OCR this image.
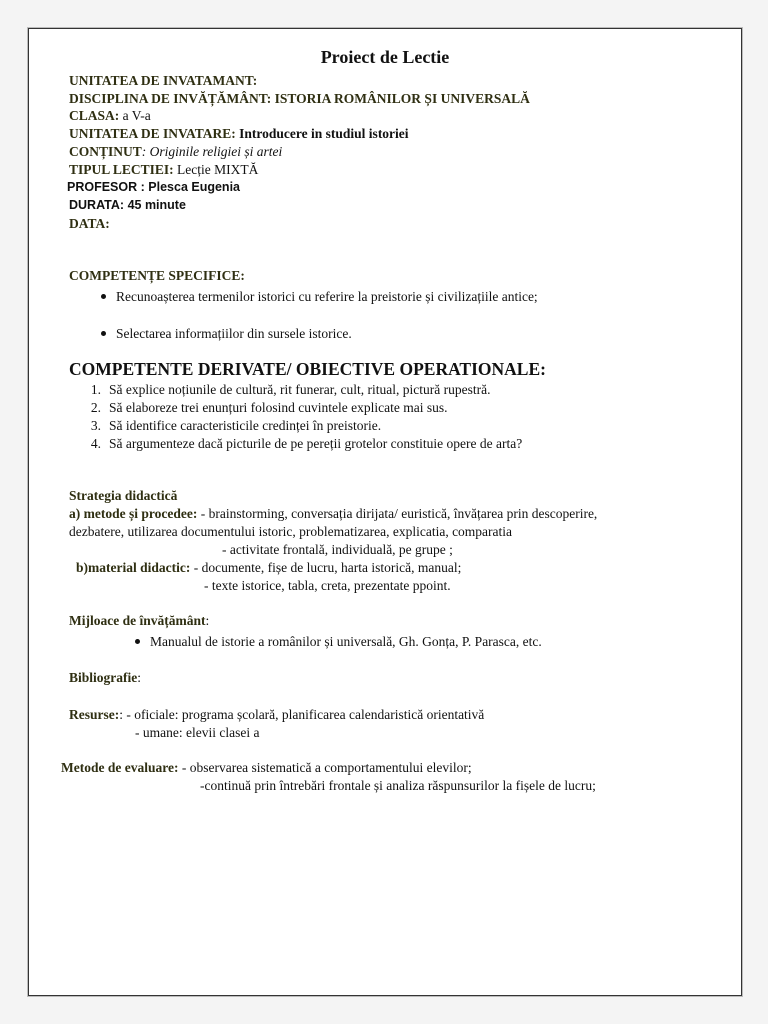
Proiect de Lectie
UNITATEA DE INVATAMANT:
DISCIPLINA DE INVĂȚĂMÂNT: ISTORIA ROMÂNILOR ȘI UNIVERSALĂ
CLASA: a V-a
UNITATEA DE INVATARE: Introducere in studiul istoriei
CONȚINUT: Originile religiei și artei
TIPUL LECTIEI: Lecție MIXTĂ
PROFESOR : Plesca Eugenia
DURATA: 45 minute
DATA:
COMPETENȚE SPECIFICE:
Recunoașterea termenilor istorici cu referire la preistorie și civilizațiile antice;
Selectarea informațiilor din sursele istorice.
COMPETENTE DERIVATE/ OBIECTIVE OPERATIONALE:
1. Să explice noțiunile de cultură, rit funerar, cult, ritual, pictură rupestră.
2. Să elaboreze trei enunțuri folosind cuvintele explicate mai sus.
3. Să identifice caracteristicile credinței în preistorie.
4. Să argumenteze dacă picturile de pe pereții grotelor constituie opere de arta?
Strategia didactică
a) metode și procedee: - brainstorming, conversația dirijata/ euristică, învățarea prin descoperire,
dezbatere, utilizarea documentului istoric, problematizarea, explicatia, comparatia
- activitate frontală, individuală, pe grupe ;
b)material didactic: - documente, fișe de lucru, harta istorică, manual;
- texte istorice, tabla, creta, prezentate ppoint.
Mijloace de învățământ:
Manualul de istorie a românilor și universală, Gh. Gonța, P. Parasca, etc.
Bibliografie:
Resurse:: - oficiale: programa școlară, planificarea calendaristică orientativă
- umane: elevii clasei a
Metode de evaluare: - observarea sistematică a comportamentului elevilor;
-continuă prin întrebări frontale și analiza răspunsurilor la fișele de lucru;
